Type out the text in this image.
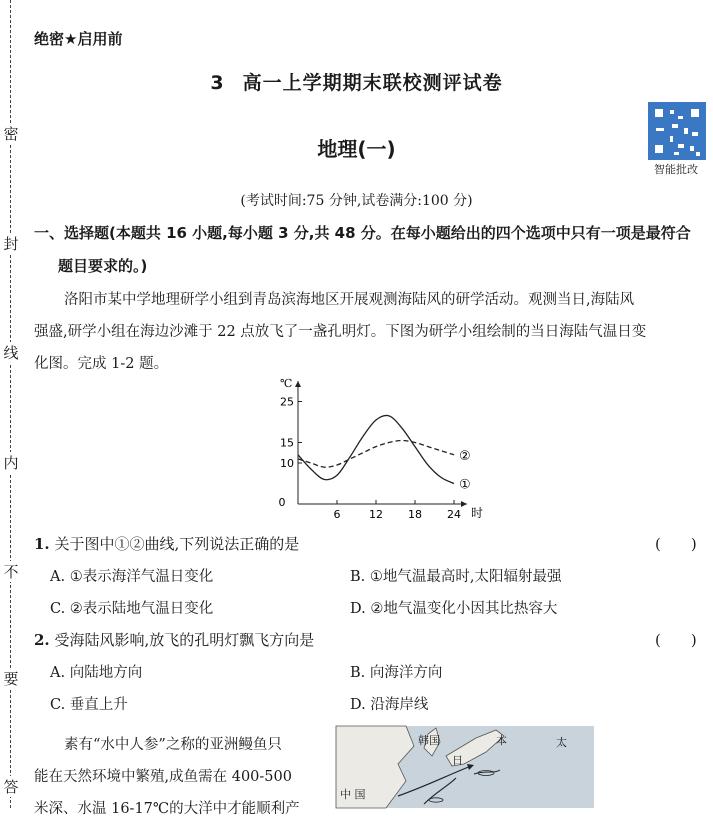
密
封
线
内
不
要
答
绝密★启用前
3 高一上学期期末联校测评试卷
地理(一)
智能批改
(考试时间:75 分钟,试卷满分:100 分)
一、选择题(本题共 16 小题,每小题 3 分,共 48 分。在每小题给出的四个选项中只有一项是最符合
题目要求的。)
洛阳市某中学地理研学小组到青岛滨海地区开展观测海陆风的研学活动。观测当日,海陆风
强盛,研学小组在海边沙滩于 22 点放飞了一盏孔明灯。下图为研学小组绘制的当日海陆气温日变
化图。完成 1-2 题。
℃
时
0
6	12 18 24
10
15
25
①
②
1. 关于图中①②曲线,下列说法正确的是	(　　)
A. ①表示海洋气温日变化	B. ①地气温最高时,太阳辐射最强
C. ②表示陆地气温日变化	D. ②地气温变化小因其比热容大
2. 受海陆风影响,放飞的孔明灯飘飞方向是	(　　)
A. 向陆地方向	B. 向海洋方向
C. 垂直上升	D. 沿海岸线
素有“水中人参”之称的亚洲鳗鱼只
能在天然环境中繁殖,成鱼需在 400-500
米深、水温 16-17℃的大洋中才能顺利产
韩国	本	太
日
中 国
